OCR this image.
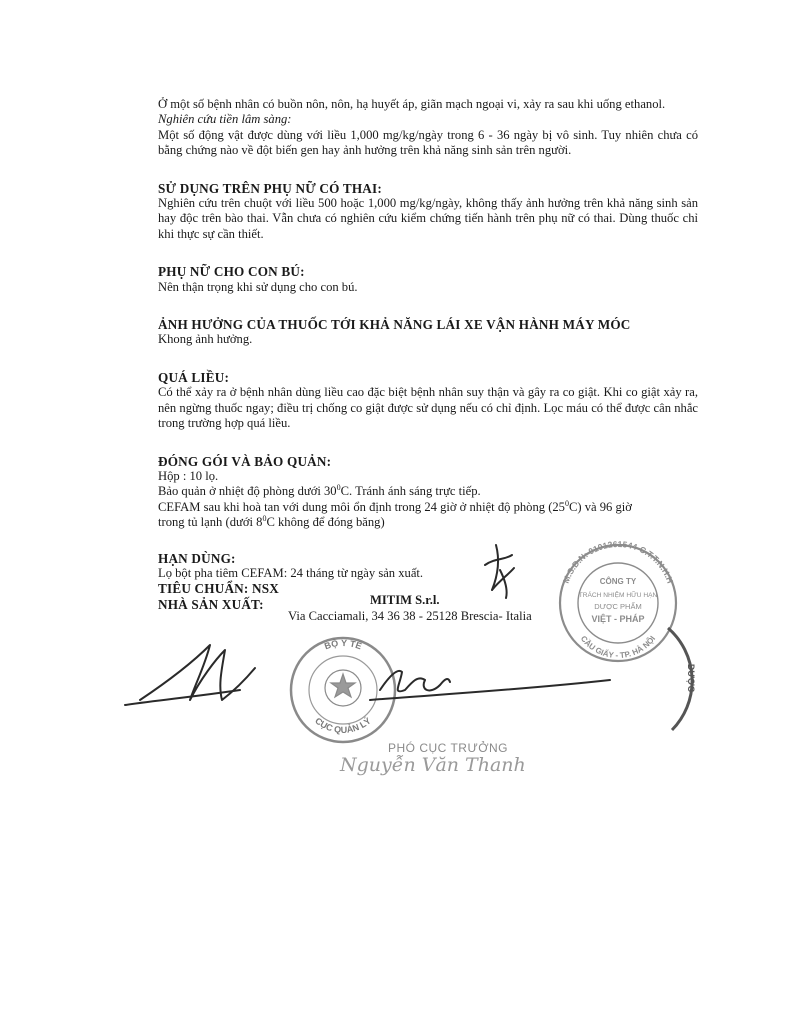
Ở một số bệnh nhân có buồn nôn, nôn, hạ huyết áp, giãn mạch ngoại vi, xảy ra sau khi uống ethanol.

Nghiên cứu tiền lâm sàng:

Một số động vật được dùng với liều 1,000 mg/kg/ngày trong 6 - 36 ngày bị vô sinh. Tuy nhiên chưa có bằng chứng nào về đột biến gen hay ảnh hưởng trên khả năng sinh sản trên người.

SỬ DỤNG TRÊN PHỤ NỮ CÓ THAI:

Nghiên cứu trên chuột với liều 500 hoặc 1,000 mg/kg/ngày, không thấy ảnh hưởng trên khả năng sinh sản hay độc trên bào thai. Vẫn chưa có nghiên cứu kiểm chứng tiến hành trên phụ nữ có thai. Dùng thuốc chỉ khi thực sự cần thiết.

PHỤ NỮ CHO CON BÚ:

Nên thận trọng khi sử dụng cho con bú.

ẢNH HƯỞNG CỦA THUỐC TỚI KHẢ NĂNG LÁI XE VẬN HÀNH MÁY MÓC

Khong ảnh hưởng.

QUÁ LIỀU:

Có thể xảy ra ở bệnh nhân dùng liều cao đặc biệt bệnh nhân suy thận và gây ra co giật. Khi co giật xảy ra, nên ngừng thuốc ngay; điều trị chống co giật được sử dụng nếu có chỉ định. Lọc máu có thể được cân nhắc trong trường hợp quá liều.

ĐÓNG GÓI VÀ BẢO QUẢN:

Hộp : 10 lọ.

Bảo quản ở nhiệt độ phòng dưới $30^0C$. Tránh ánh sáng trực tiếp.

CEFAM sau khi hoà tan với dung môi ổn định trong 24 giờ ở nhiệt độ phòng $(25^0C)$ và 96 giờ

trong tủ lạnh (dưới $8^0C$ không để đóng băng)

HẠN DÙNG:

Lọ bột pha tiêm CEFAM: 24 tháng từ ngày sản xuất.

TIÊU CHUẨN: NSX

NHÀ SẢN XUẤT:	MITIM S.r.l.
Via Cacciamali, 34 36 38 - 25128 Brescia- Italia
M.S.D.N: 0101261544-C.T.T.N.H.H
CÔNG TY
TRÁCH NHIỆM HỮU HẠN
DƯỢC PHẨM
VIỆT - PHÁP
CẦU GIẤY - TP. HÀ NỘI
DƯỢC
BỘ Y TẾ
CỤC QUẢN LÝ
PHÓ CỤC TRƯỞNG
Nguyễn Văn Thanh
